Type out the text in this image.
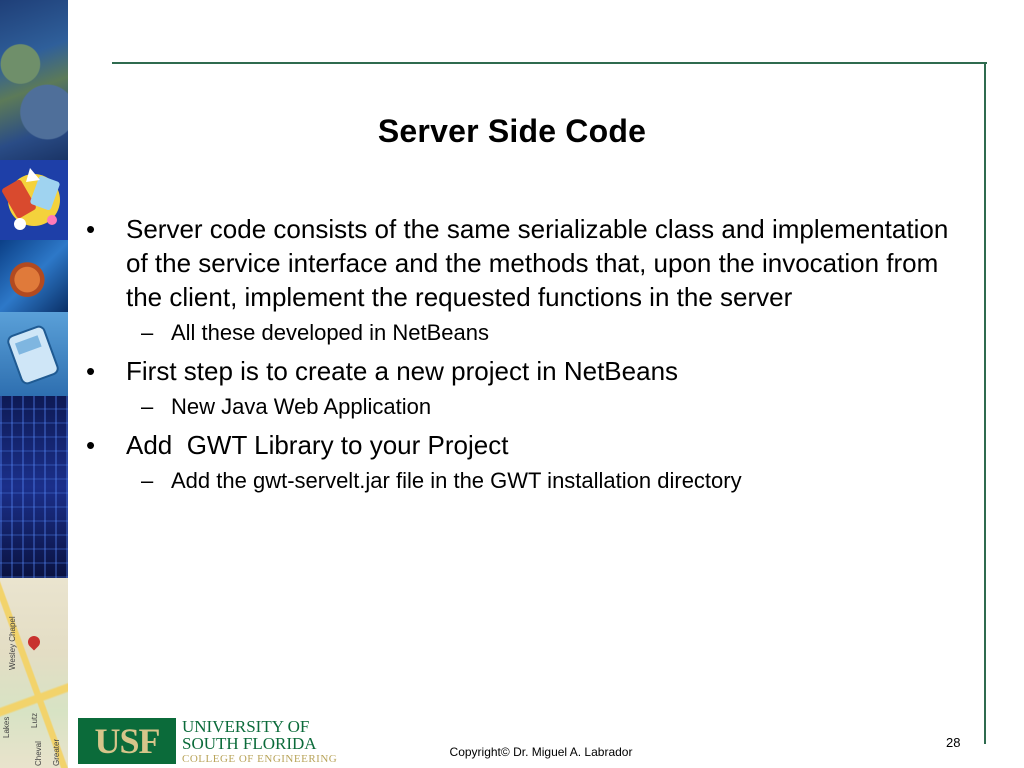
Wesley Chapel
Lutz
Lakes
Cheval Greater
Server Side Code
• Server code consists of the same serializable class and implementation of the service interface and the methods that, upon the invocation from the client, implement the requested functions in the server
– All these developed in NetBeans
• First step is to create a new project in NetBeans
– New Java Web Application
• Add  GWT Library to your Project
– Add the gwt-servelt.jar file in the GWT installation directory
USF	UNIVERSITY OF
SOUTH FLORIDA
COLLEGE OF ENGINEERING	Copyright© Dr. Miguel A. Labrador
28
